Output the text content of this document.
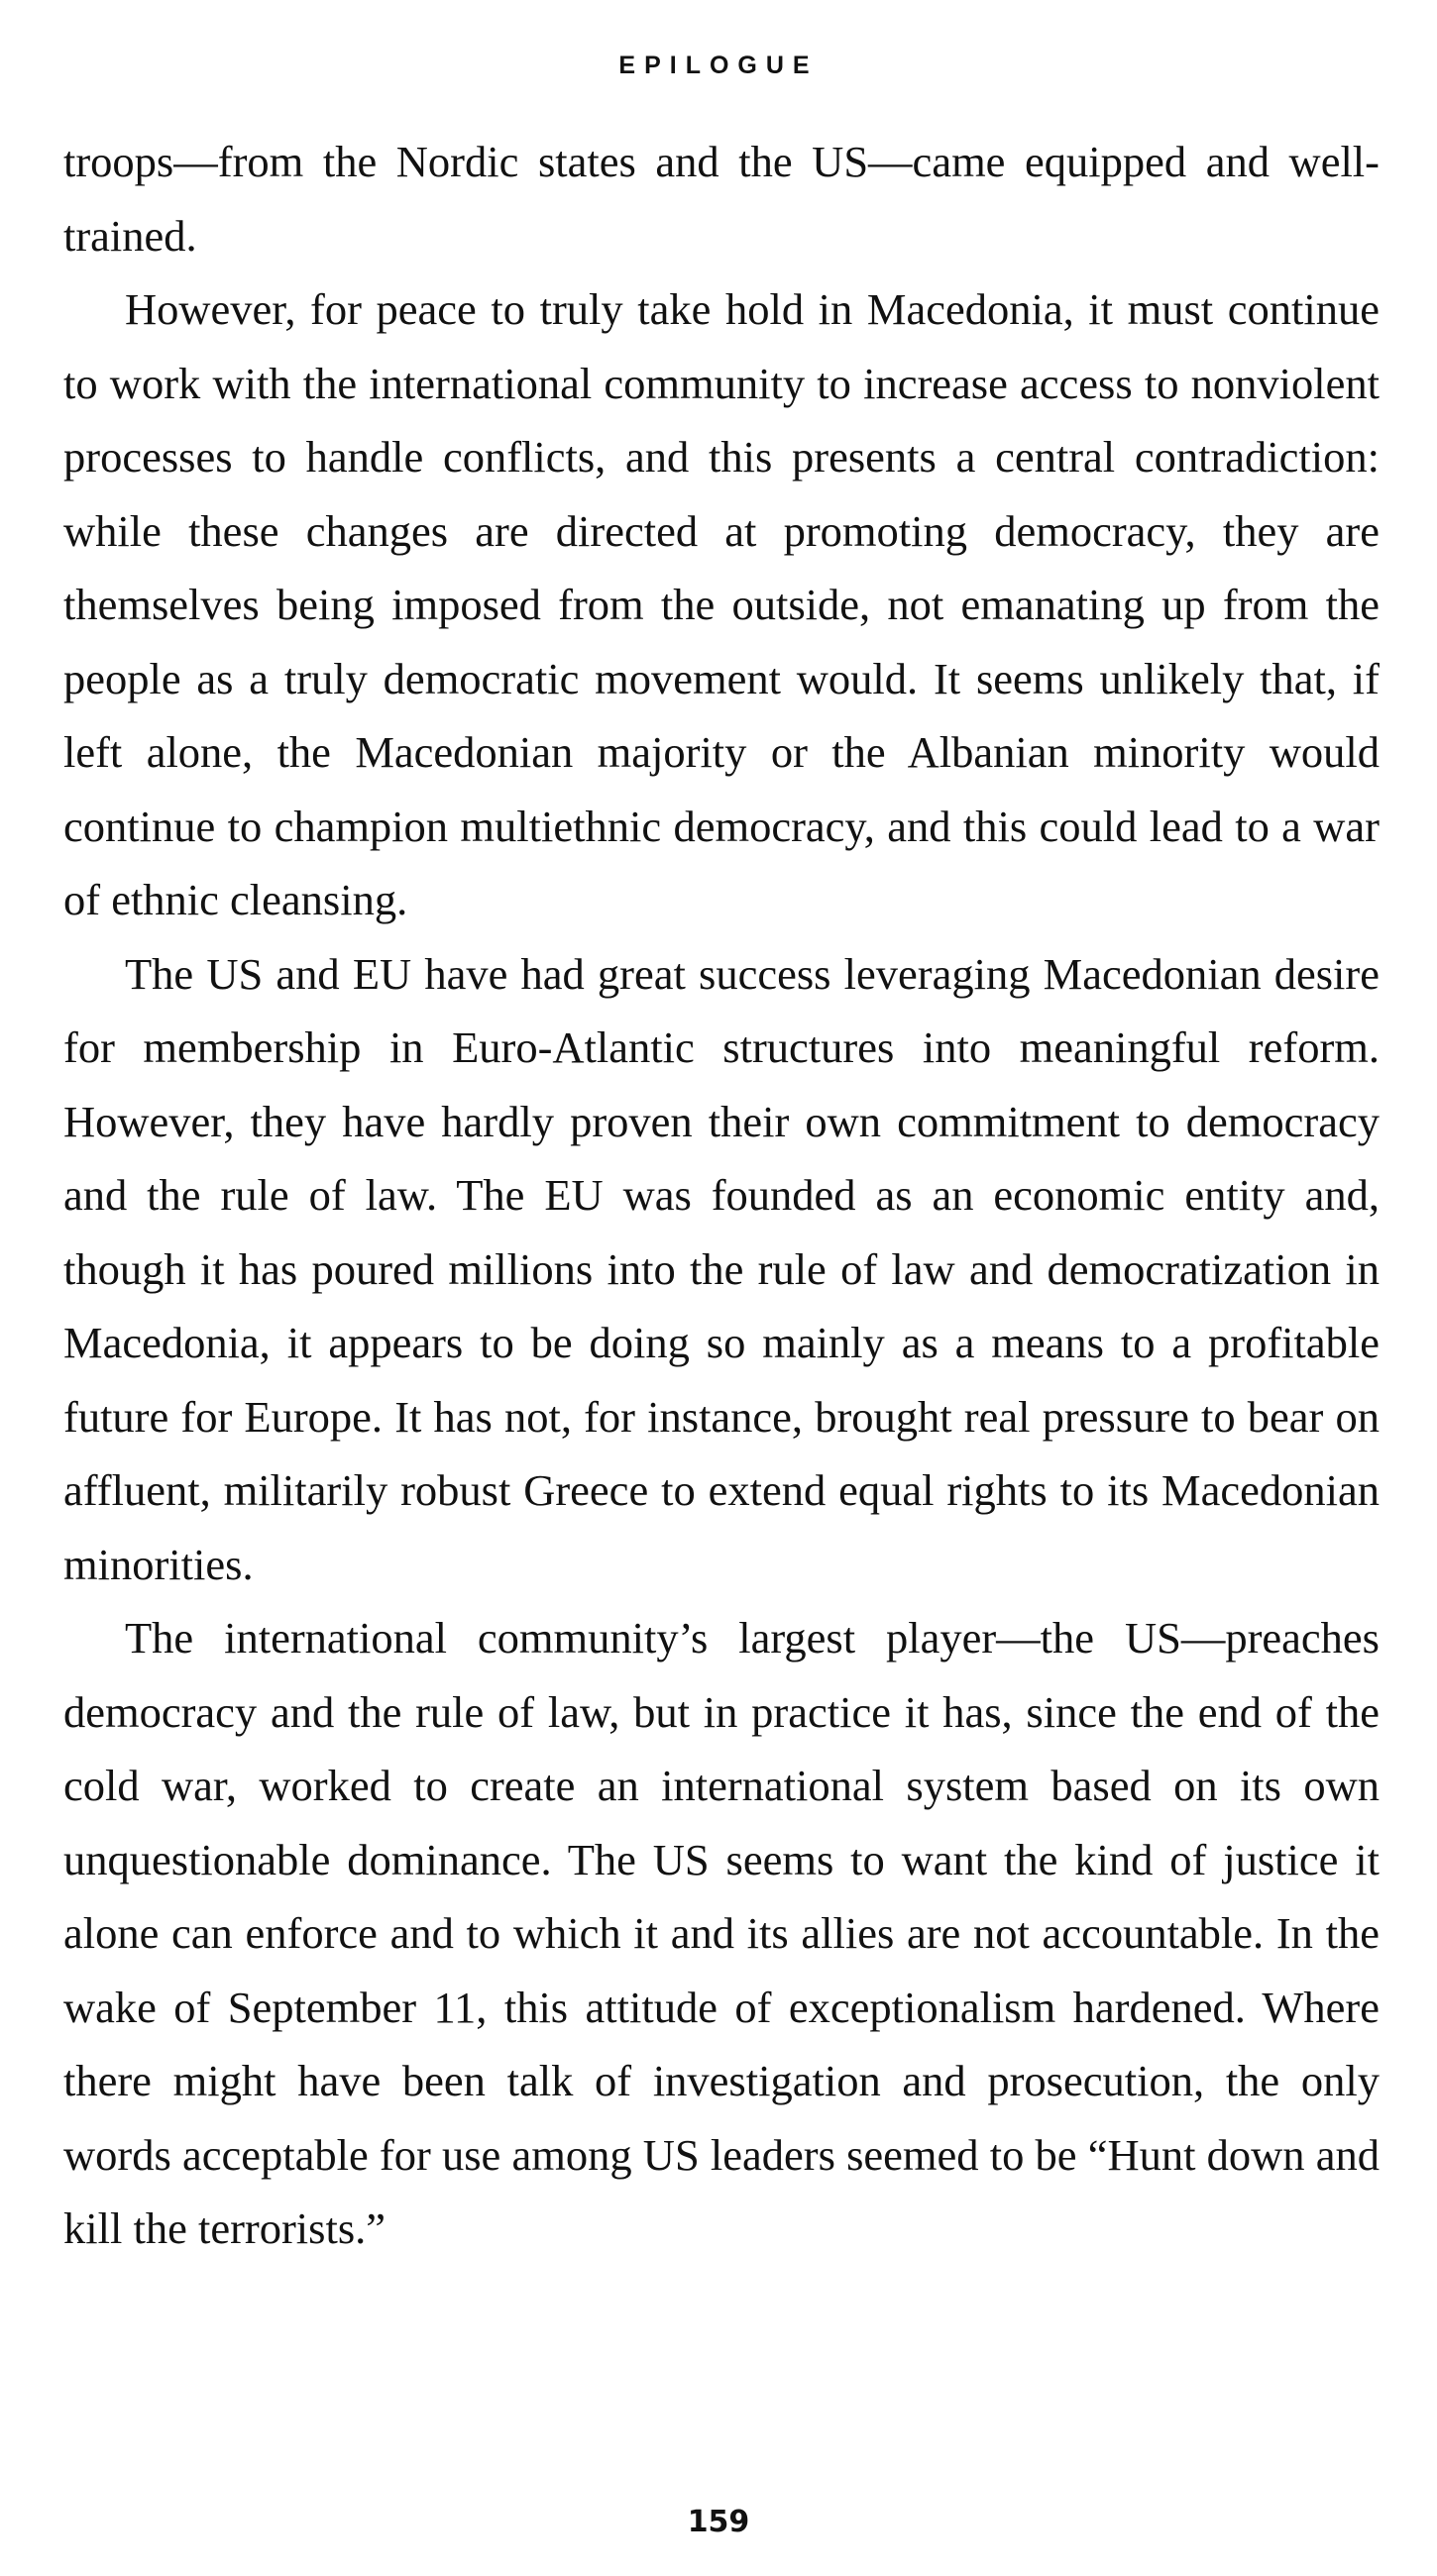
EPILOGUE

troops—from the Nordic states and the US—came equipped and well-trained.

However, for peace to truly take hold in Macedonia, it must continue to work with the international community to increase access to nonviolent processes to handle conflicts, and this presents a central contradiction: while these changes are directed at promoting democracy, they are themselves being imposed from the outside, not emanating up from the people as a truly democratic movement would. It seems unlikely that, if left alone, the Macedonian majority or the Albanian minority would continue to champion multiethnic democracy, and this could lead to a war of ethnic cleansing.

The US and EU have had great success leveraging Macedonian desire for membership in Euro-Atlantic structures into meaningful reform. However, they have hardly proven their own commitment to democracy and the rule of law. The EU was founded as an economic entity and, though it has poured millions into the rule of law and democratization in Macedonia, it appears to be doing so mainly as a means to a profitable future for Europe. It has not, for instance, brought real pressure to bear on affluent, militarily robust Greece to extend equal rights to its Macedonian minorities.

The international community’s largest player—the US—preaches democracy and the rule of law, but in practice it has, since the end of the cold war, worked to create an international system based on its own unquestionable dominance. The US seems to want the kind of justice it alone can enforce and to which it and its allies are not accountable. In the wake of September 11, this attitude of exceptionalism hardened. Where there might have been talk of investigation and prosecution, the only words acceptable for use among US leaders seemed to be “Hunt down and kill the terrorists.”

159
